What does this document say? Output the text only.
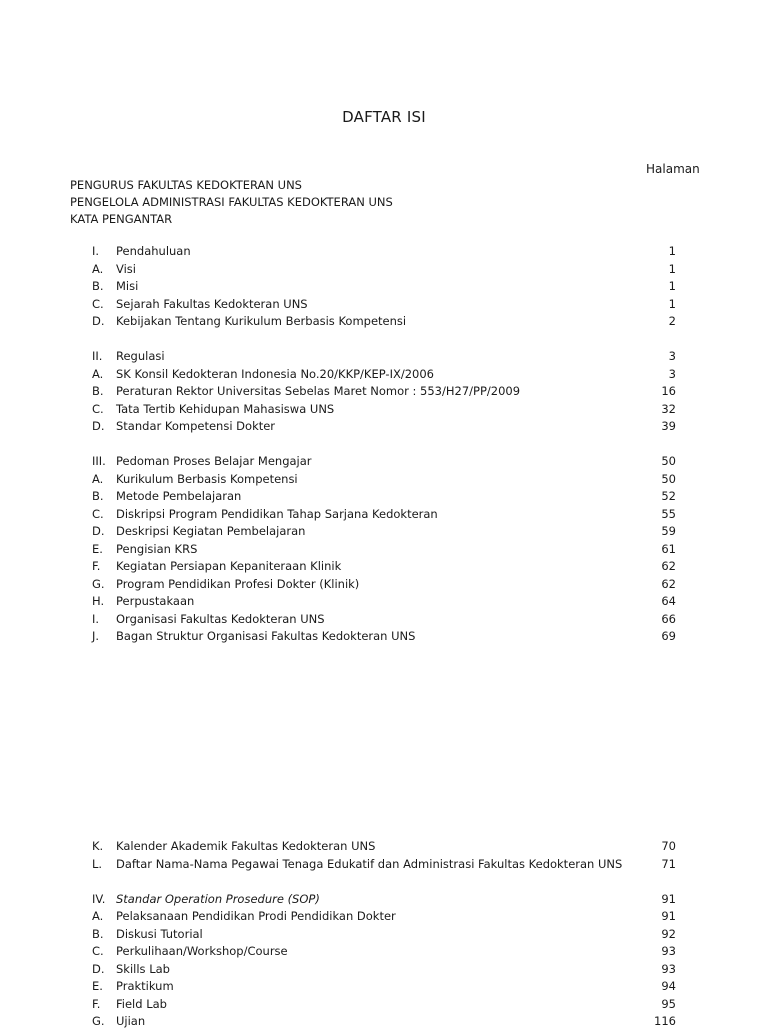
DAFTAR ISI
Halaman
PENGURUS FAKULTAS KEDOKTERAN UNS
PENGELOLA ADMINISTRASI FAKULTAS KEDOKTERAN UNS
KATA PENGANTAR
I. Pendahuluan	1
A. Visi	1
B. Misi	1
C. Sejarah Fakultas Kedokteran UNS	1
D. Kebijakan Tentang Kurikulum Berbasis Kompetensi	2
II. Regulasi	3
A. SK Konsil Kedokteran Indonesia No.20/KKP/KEP-IX/2006	3
B. Peraturan Rektor Universitas Sebelas Maret Nomor : 553/H27/PP/2009	16
C. Tata Tertib Kehidupan Mahasiswa UNS	32
D. Standar Kompetensi Dokter	39
III. Pedoman Proses Belajar Mengajar	50
A. Kurikulum Berbasis Kompetensi	50
B. Metode Pembelajaran	52
C. Diskripsi Program Pendidikan Tahap Sarjana Kedokteran	55
D. Deskripsi Kegiatan Pembelajaran	59
E. Pengisian KRS	61
F. Kegiatan Persiapan Kepaniteraan Klinik	62
G. Program Pendidikan Profesi Dokter (Klinik)	62
H. Perpustakaan	64
I. Organisasi Fakultas Kedokteran UNS	66
J. Bagan Struktur Organisasi Fakultas Kedokteran UNS	69
K. Kalender Akademik Fakultas Kedokteran UNS	70
L. Daftar Nama-Nama Pegawai Tenaga Edukatif dan Administrasi Fakultas Kedokteran UNS	71
IV. Standar Operation Prosedure (SOP)	91
A. Pelaksanaan Pendidikan Prodi Pendidikan Dokter	91
B. Diskusi Tutorial	92
C. Perkulihaan/Workshop/Course	93
D. Skills Lab	93
E. Praktikum	94
F. Field Lab	95
G. Ujian	116
